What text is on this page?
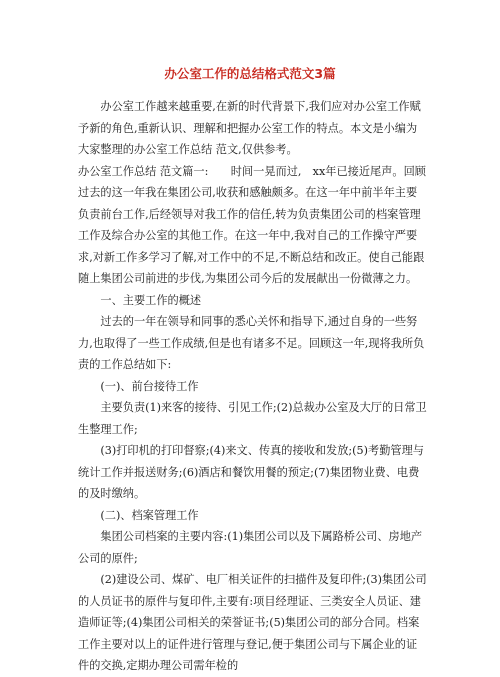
办公室工作的总结格式范文3篇

办公室工作越来越重要,在新的时代背景下,我们应对办公室工作赋予新的角色,重新认识、理解和把握办公室工作的特点。本文是小编为大家整理的办公室工作总结 范文,仅供参考。

办公室工作总结 范文篇一:　　时间一晃而过,　xx年已接近尾声。回顾过去的这一年我在集团公司,收获和感触颇多。在这一年中前半年主要负责前台工作,后经领导对我工作的信任,转为负责集团公司的档案管理工作及综合办公室的其他工作。在这一年中,我对自己的工作操守严要求,对新工作多学习了解,对工作中的不足,不断总结和改正。使自己能跟随上集团公司前进的步伐,为集团公司今后的发展献出一份微薄之力。

一、主要工作的概述

过去的一年在领导和同事的悉心关怀和指导下,通过自身的一些努力,也取得了一些工作成绩,但是也有诸多不足。回顾这一年,现将我所负责的工作总结如下:

(一)、前台接待工作

主要负责(1)来客的接待、引见工作;(2)总裁办公室及大厅的日常卫生整理工作;

(3)打印机的打印督察;(4)来文、传真的接收和发放;(5)考勤管理与统计工作并报送财务;(6)酒店和餐饮用餐的预定;(7)集团物业费、电费的及时缴纳。

(二)、档案管理工作

集团公司档案的主要内容:(1)集团公司以及下属路桥公司、房地产公司的原件;

(2)建设公司、煤矿、电厂相关证件的扫描件及复印件;(3)集团公司的人员证书的原件与复印件,主要有:项目经理证、三类安全人员证、建造师证等;(4)集团公司相关的荣誉证书;(5)集团公司的部分合同。档案工作主要对以上的证件进行管理与登记,便于集团公司与下属企业的证件的交换,定期办理公司需年检的
